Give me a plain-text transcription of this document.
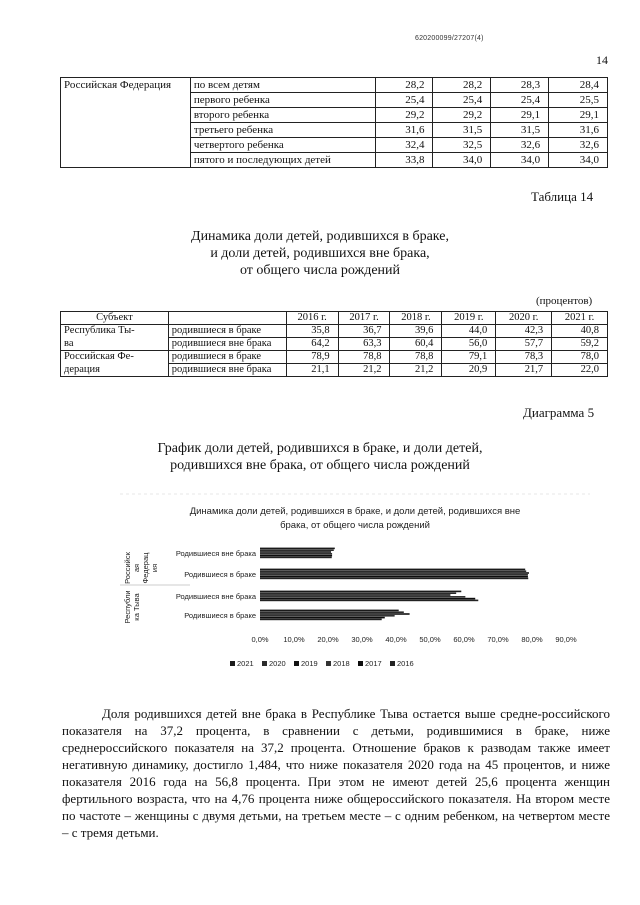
620200099/27207(4)
14
Российская Федерация	по всем детям	28,2	28,2	28,3	28,4
	первого ребенка	25,4	25,4	25,4	25,5
	второго ребенка	29,2	29,2	29,1	29,1
	третьего ребенка	31,6	31,5	31,5	31,6
	четвертого ребенка	32,4	32,5	32,6	32,6
	пятого и последующих детей	33,8	34,0	34,0	34,0
Таблица 14
Динамика доли детей, родившихся в браке,
и доли детей, родившихся вне брака,
от общего числа рождений
(процентов)
Субъект		2016 г.	2017 г.	2018 г.	2019 г.	2020 г.	2021 г.
Республика Ты-	родившиеся в браке	35,8	36,7	39,6	44,0	42,3	40,8
ва	родившиеся вне брака	64,2	63,3	60,4	56,0	57,7	59,2
Российская Фе-	родившиеся в браке	78,9	78,8	78,8	79,1	78,3	78,0
дерация	родившиеся вне брака	21,1	21,2	21,2	20,9	21,7	22,0
Диаграмма 5
График доли детей, родившихся в браке, и доли детей,
родившихся вне брака, от общего числа рождений
Динамика доли детей, родившихся в браке, и доли детей, родившихся вне
брака, от общего числа рождений
Родившиеся вне брака
Родившиеся в браке
Родившиеся вне брака
Родившиеся в браке
Российск ая Федерац ия
Республи ка Тыва
0,0% 10,0% 20,0% 30,0% 40,0% 50,0% 60,0% 70,0% 80,0% 90,0%
2021 2020 2019 2018 2017 2016
Доля родившихся детей вне брака в Республике Тыва остается выше средне-российского показателя на 37,2 процента, в сравнении с детьми, родившимися в браке, ниже среднероссийского показателя на 37,2 процента. Отношение браков к разводам также имеет негативную динамику, достигло 1,484, что ниже показателя 2020 года на 45 процентов, и ниже показателя 2016 года на 56,8 процента. При этом не имеют детей 25,6 процента женщин фертильного возраста, что на 4,76 процента ниже общероссийского показателя. На втором месте по частоте – женщины с двумя детьми, на третьем месте – с одним ребенком, на четвертом месте – с тремя детьми.
